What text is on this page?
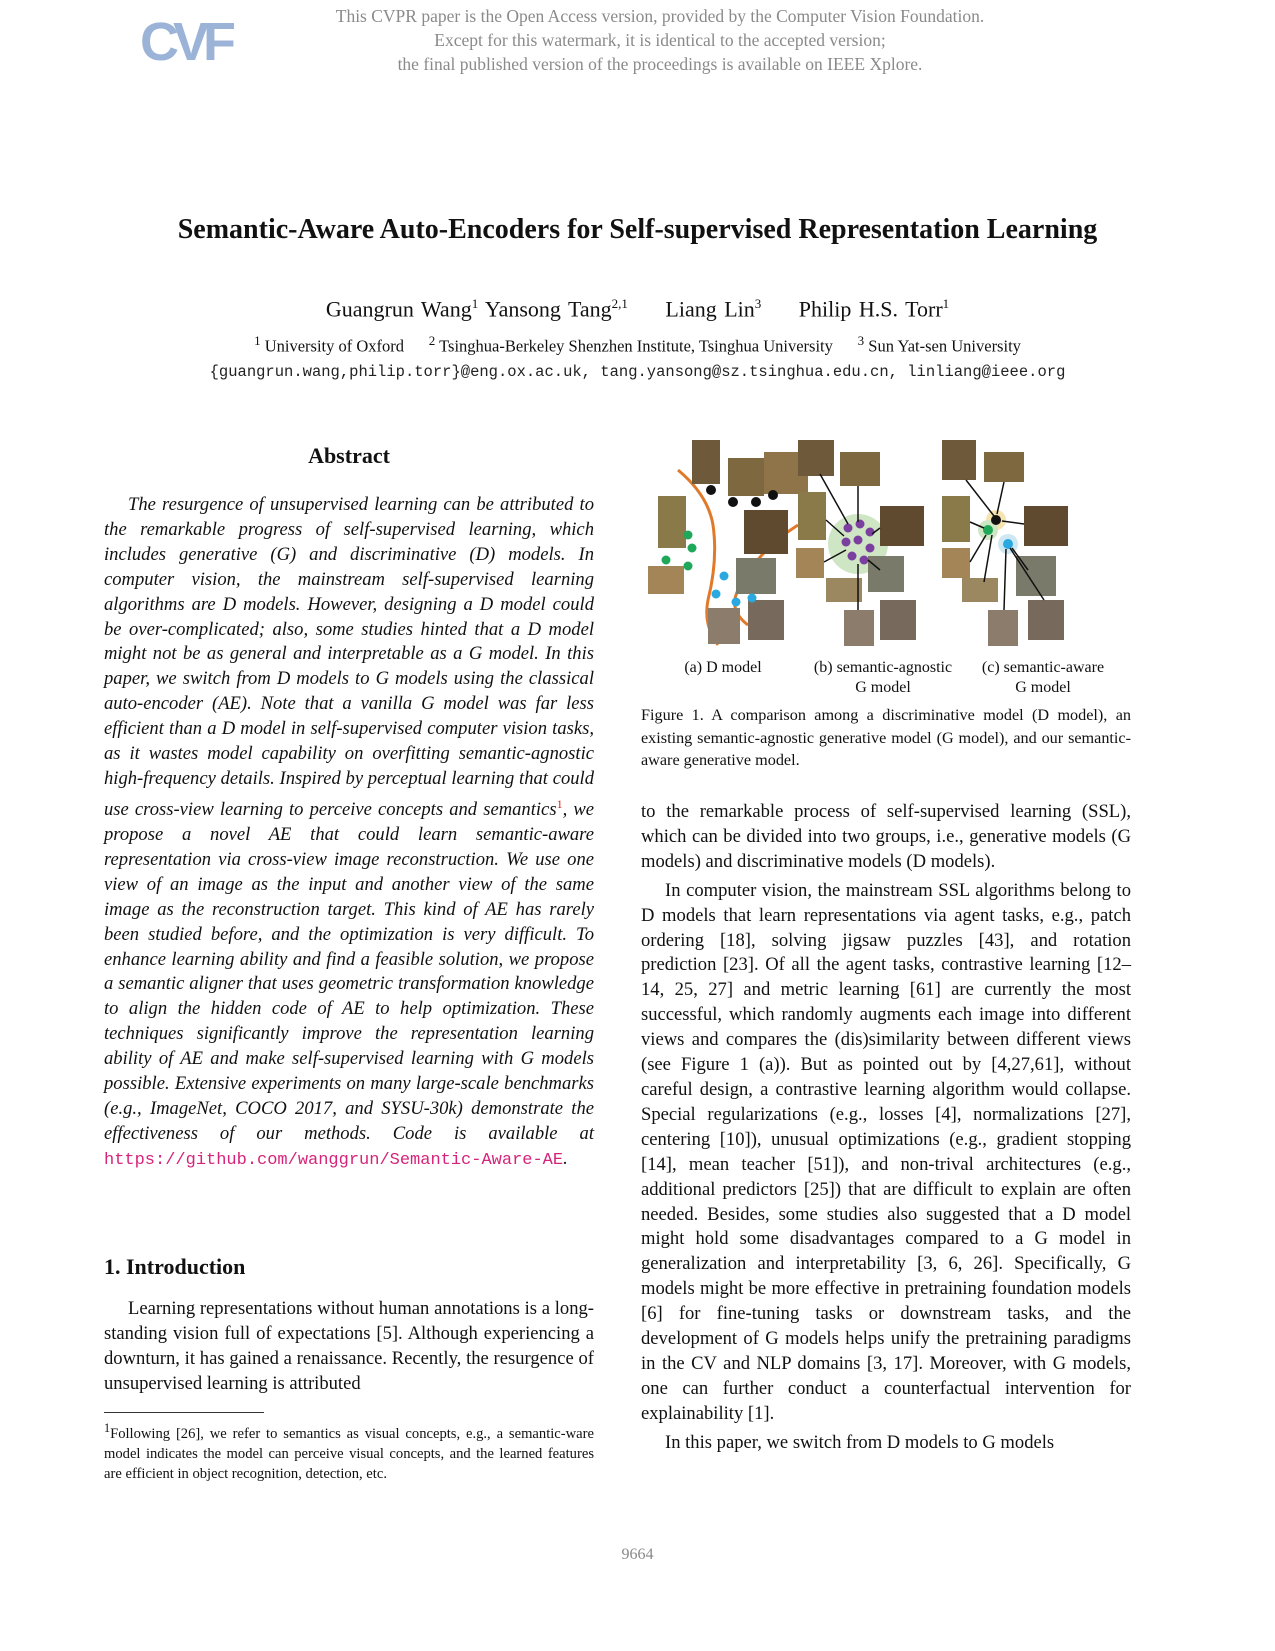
This CVPR paper is the Open Access version, provided by the Computer Vision Foundation.
Except for this watermark, it is identical to the accepted version;
the final published version of the proceedings is available on IEEE Xplore.
CVF
Semantic-Aware Auto-Encoders for Self-supervised Representation Learning
Guangrun Wang$^1$ Yansong Tang$^{2,1}$ Liang Lin$^3$ Philip H.S. Torr$^1$
$^1$ University of Oxford $^2$ Tsinghua-Berkeley Shenzhen Institute, Tsinghua University $^3$ Sun Yat-sen University
{guangrun.wang,philip.torr}@eng.ox.ac.uk, tang.yansong@sz.tsinghua.edu.cn, linliang@ieee.org
Abstract
The resurgence of unsupervised learning can be attributed to the remarkable progress of self-supervised learning, which includes generative (G) and discriminative (D) models. In computer vision, the mainstream self-supervised learning algorithms are D models. However, designing a D model could be over-complicated; also, some studies hinted that a D model might not be as general and interpretable as a G model. In this paper, we switch from D models to G models using the classical auto-encoder (AE). Note that a vanilla G model was far less efficient than a D model in self-supervised computer vision tasks, as it wastes model capability on overfitting semantic-agnostic high-frequency details. Inspired by perceptual learning that could use cross-view learning to perceive concepts and semantics$^1$, we propose a novel AE that could learn semantic-aware representation via cross-view image reconstruction. We use one view of an image as the input and another view of the same image as the reconstruction target. This kind of AE has rarely been studied before, and the optimization is very difficult. To enhance learning ability and find a feasible solution, we propose a semantic aligner that uses geometric transformation knowledge to align the hidden code of AE to help optimization. These techniques significantly improve the representation learning ability of AE and make self-supervised learning with G models possible. Extensive experiments on many large-scale benchmarks (e.g., ImageNet, COCO 2017, and SYSU-30k) demonstrate the effectiveness of our methods. Code is available at https://github.com/wanggrun/Semantic-Aware-AE.
1. Introduction
Learning representations without human annotations is a long-standing vision full of expectations [5]. Although experiencing a downturn, it has gained a renaissance. Recently, the resurgence of unsupervised learning is attributed
$^1$Following [26], we refer to semantics as visual concepts, e.g., a semantic-ware model indicates the model can perceive visual concepts, and the learned features are efficient in object recognition, detection, etc.
(a) D model	(b) semantic-agnostic
G model
(c) semantic-aware
G model
Figure 1. A comparison among a discriminative model (D model), an existing semantic-agnostic generative model (G model), and our semantic-aware generative model.

to the remarkable process of self-supervised learning (SSL), which can be divided into two groups, i.e., generative models (G models) and discriminative models (D models).

In computer vision, the mainstream SSL algorithms belong to D models that learn representations via agent tasks, e.g., patch ordering [18], solving jigsaw puzzles [43], and rotation prediction [23]. Of all the agent tasks, contrastive learning [12–14, 25, 27] and metric learning [61] are currently the most successful, which randomly augments each image into different views and compares the (dis)similarity between different views (see Figure 1 (a)). But as pointed out by [4,27,61], without careful design, a contrastive learning algorithm would collapse. Special regularizations (e.g., losses [4], normalizations [27], centering [10]), unusual optimizations (e.g., gradient stopping [14], mean teacher [51]), and non-trival architectures (e.g., additional predictors [25]) that are difficult to explain are often needed. Besides, some studies also suggested that a D model might hold some disadvantages compared to a G model in generalization and interpretability [3, 6, 26]. Specifically, G models might be more effective in pretraining foundation models [6] for fine-tuning tasks or downstream tasks, and the development of G models helps unify the pretraining paradigms in the CV and NLP domains [3, 17]. Moreover, with G models, one can further conduct a counterfactual intervention for explainability [1].

In this paper, we switch from D models to G models

9664
